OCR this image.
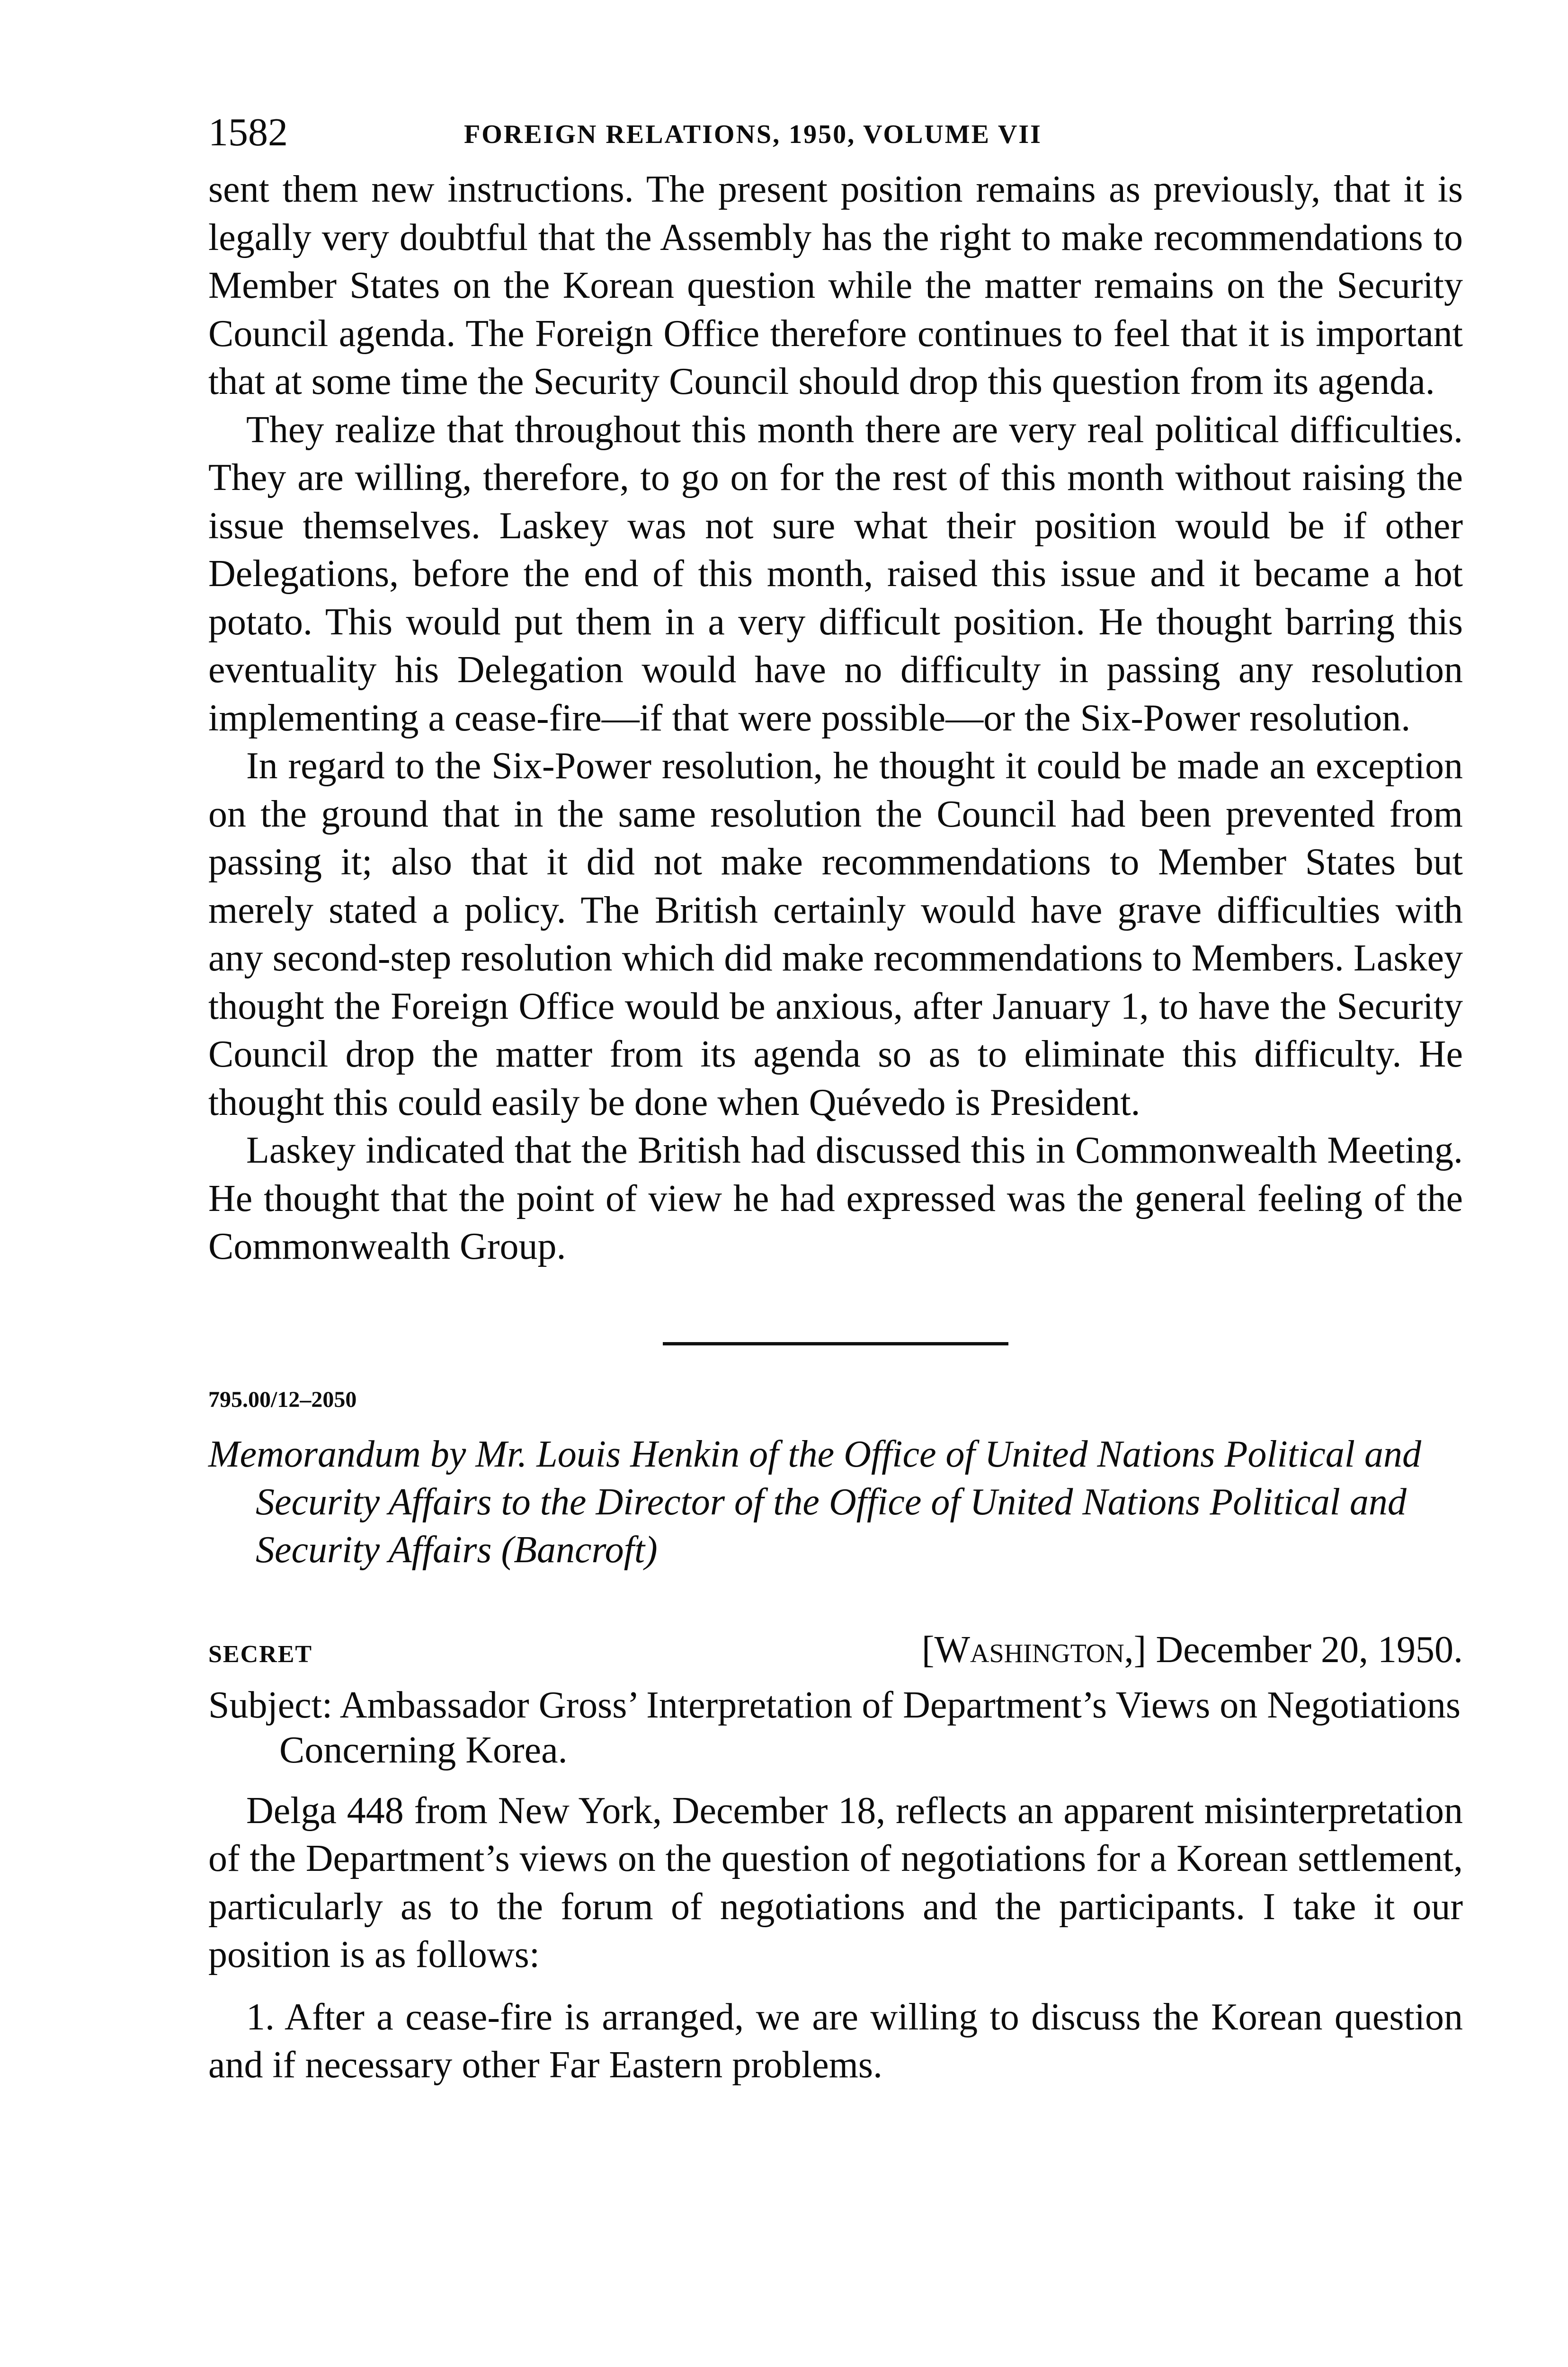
1582	FOREIGN RELATIONS, 1950, VOLUME VII

sent them new instructions. The present position remains as previously, that it is legally very doubtful that the Assembly has the right to make recommendations to Member States on the Korean question while the matter remains on the Security Council agenda. The Foreign Office therefore continues to feel that it is important that at some time the Security Council should drop this question from its agenda.

They realize that throughout this month there are very real political difficulties. They are willing, therefore, to go on for the rest of this month without raising the issue themselves. Laskey was not sure what their position would be if other Delegations, before the end of this month, raised this issue and it became a hot potato. This would put them in a very difficult position. He thought barring this eventuality his Delegation would have no difficulty in passing any resolution implementing a cease-fire—if that were possible—or the Six-Power resolution.

In regard to the Six-Power resolution, he thought it could be made an exception on the ground that in the same resolution the Council had been prevented from passing it; also that it did not make recommendations to Member States but merely stated a policy. The British certainly would have grave difficulties with any second-step resolution which did make recommendations to Members. Laskey thought the Foreign Office would be anxious, after January 1, to have the Security Council drop the matter from its agenda so as to eliminate this difficulty. He thought this could easily be done when Quévedo is President.

Laskey indicated that the British had discussed this in Commonwealth Meeting. He thought that the point of view he had expressed was the general feeling of the Commonwealth Group.

795.00/12–2050

Memorandum by Mr. Louis Henkin of the Office of United Nations Political and Security Affairs to the Director of the Office of United Nations Political and Security Affairs (Bancroft)

SECRET	[Washington,] December 20, 1950.

Subject: Ambassador Gross’ Interpretation of Department’s Views on Negotiations Concerning Korea.

Delga 448 from New York, December 18, reflects an apparent misinterpretation of the Department’s views on the question of negotiations for a Korean settlement, particularly as to the forum of negotiations and the participants. I take it our position is as follows:

1. After a cease-fire is arranged, we are willing to discuss the Korean question and if necessary other Far Eastern problems.
